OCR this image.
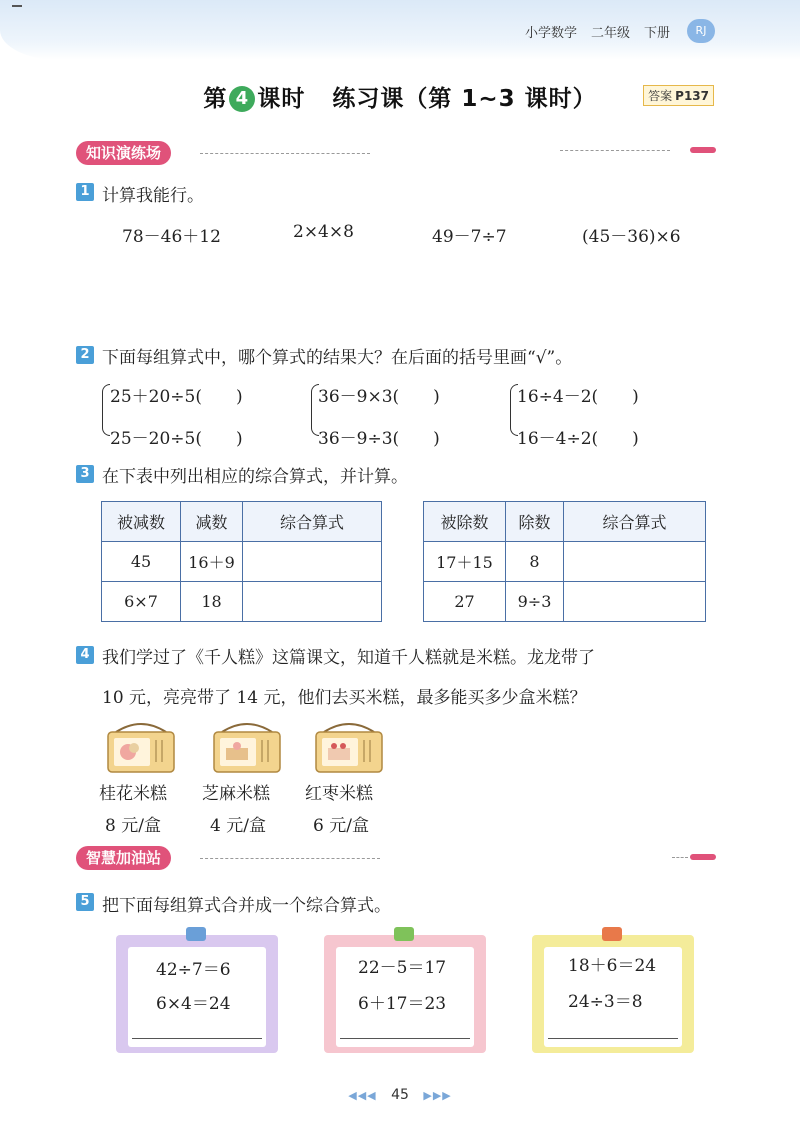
小学数学 二年级 下册	RJ
第 4 课时 练习课（第 1~3 课时）	答案 P137
知识演练场
1 计算我能行。
78－46＋12	2×4×8	49－7÷7	(45－36)×6
2 下面每组算式中，哪个算式的结果大？在后面的括号里画“√”。
25＋20÷5(　　)
25－20÷5(　　)
36－9×3(　　)
36－9÷3(　　)
16÷4－2(　　)
16－4÷2(　　)
3 在下表中列出相应的综合算式，并计算。
被减数	减数	综合算式
45	16＋9	
6×7	18	
被除数	除数	综合算式
17＋15	8	
27	9÷3	
4 我们学过了《千人糕》这篇课文，知道千人糕就是米糕。龙龙带了
10 元，亮亮带了 14 元，他们去买米糕，最多能买多少盒米糕？
桂花米糕 芝麻米糕 红枣米糕
8 元/盒	4 元/盒	6 元/盒
智慧加油站
5 把下面每组算式合并成一个综合算式。
42÷7＝6
6×4＝24
22－5＝17
6＋17＝23
18＋6＝24
24÷3＝8
◀◀◀ 45 ▶▶▶
